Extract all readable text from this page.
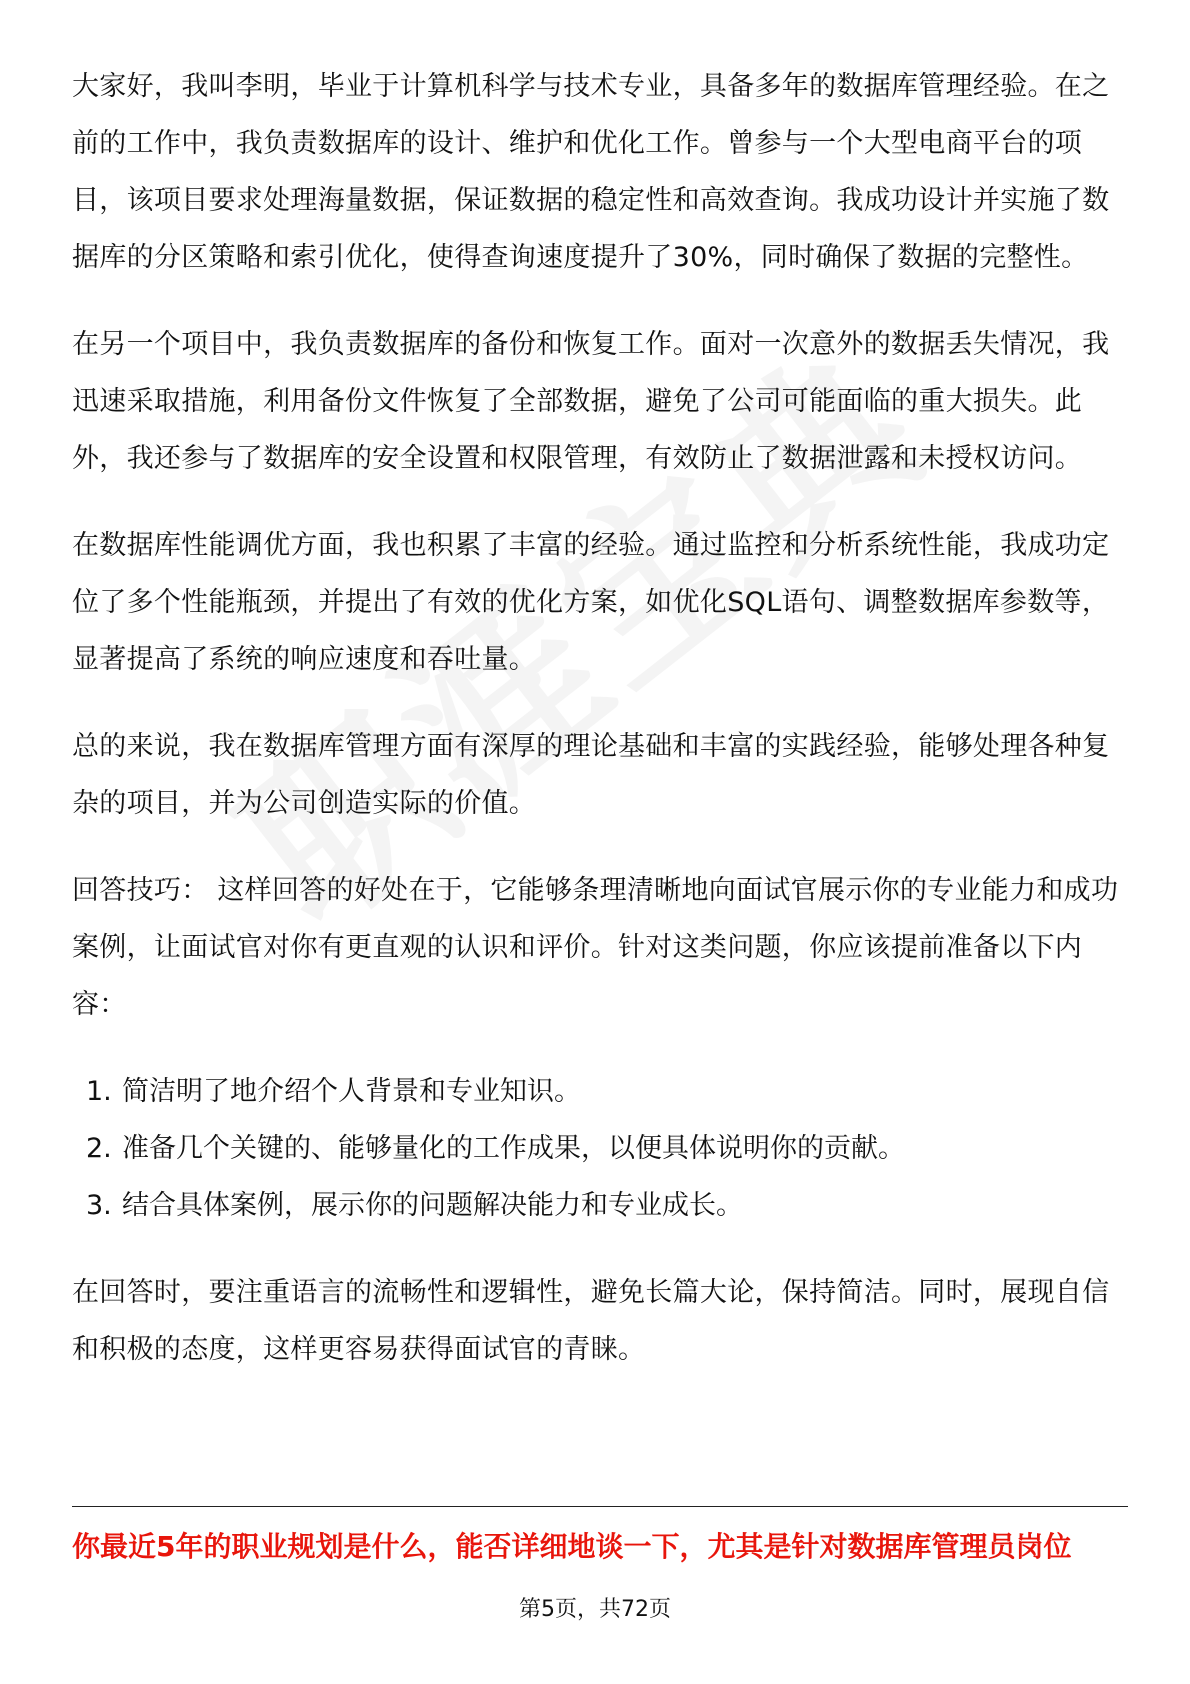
大家好，我叫李明，毕业于计算机科学与技术专业，具备多年的数据库管理经验。在之前的工作中，我负责数据库的设计、维护和优化工作。曾参与一个大型电商平台的项目，该项目要求处理海量数据，保证数据的稳定性和高效查询。我成功设计并实施了数据库的分区策略和索引优化，使得查询速度提升了30%，同时确保了数据的完整性。

在另一个项目中，我负责数据库的备份和恢复工作。面对一次意外的数据丢失情况，我迅速采取措施，利用备份文件恢复了全部数据，避免了公司可能面临的重大损失。此外，我还参与了数据库的安全设置和权限管理，有效防止了数据泄露和未授权访问。

在数据库性能调优方面，我也积累了丰富的经验。通过监控和分析系统性能，我成功定位了多个性能瓶颈，并提出了有效的优化方案，如优化SQL语句、调整数据库参数等，显著提高了系统的响应速度和吞吐量。

总的来说，我在数据库管理方面有深厚的理论基础和丰富的实践经验，能够处理各种复杂的项目，并为公司创造实际的价值。

回答技巧： 这样回答的好处在于，它能够条理清晰地向面试官展示你的专业能力和成功案例，让面试官对你有更直观的认识和评价。针对这类问题，你应该提前准备以下内容：

1. 简洁明了地介绍个人背景和专业知识。
2. 准备几个关键的、能够量化的工作成果，以便具体说明你的贡献。
3. 结合具体案例，展示你的问题解决能力和专业成长。

在回答时，要注重语言的流畅性和逻辑性，避免长篇大论，保持简洁。同时，展现自信和积极的态度，这样更容易获得面试官的青睐。

你最近5年的职业规划是什么，能否详细地谈一下，尤其是针对数据库管理员岗位
第5页，共72页
